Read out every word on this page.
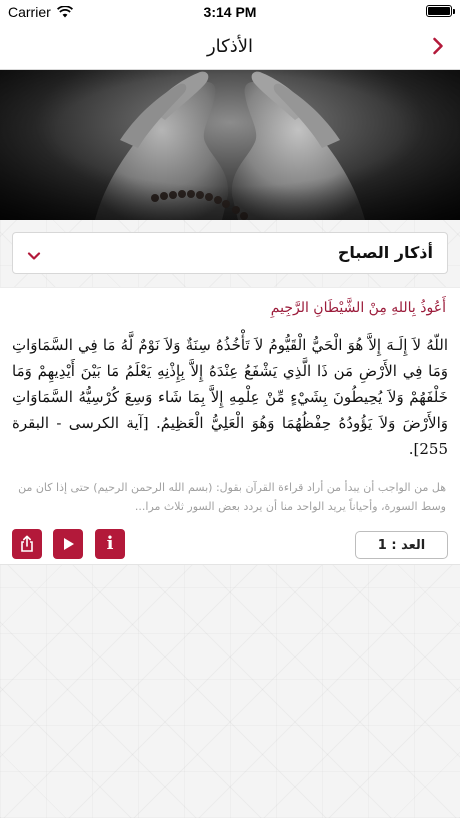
Carrier	3:14 PM
الأذكار
أذكار الصباح
أَعُوذُ بِاللهِ مِنْ الشَّيْطَانِ الرَّجِيمِ
اللّهُ لاَ إِلَـهَ إِلاَّ هُوَ الْحَيُّ الْقَيُّومُ لاَ تَأْخُذُهُ سِنَةٌ وَلاَ نَوْمٌ لَّهُ مَا فِي السَّمَاوَاتِ وَمَا فِي الأَرْضِ مَن ذَا الَّذِي يَشْفَعُ عِنْدَهُ إِلاَّ بِإِذْنِهِ يَعْلَمُ مَا بَيْنَ أَيْدِيهِمْ وَمَا خَلْفَهُمْ وَلاَ يُحِيطُونَ بِشَيْءٍ مِّنْ عِلْمِهِ إِلاَّ بِمَا شَاء وَسِعَ كُرْسِيُّهُ السَّمَاوَاتِ وَالأَرْضَ وَلاَ يَؤُودُهُ حِفْظُهُمَا وَهُوَ الْعَلِيُّ الْعَظِيمُ. [آية الكرسى - البقرة 255].
هل من الواجب أن يبدأ من أراد قراءة القرآن بقول: (بسم الله الرحمن الرحيم) حتى إذا كان من وسط السورة، وأحياناً يريد الواحد منا أن يردد بعض السور ثلاث مرا...
i	العد : 1
